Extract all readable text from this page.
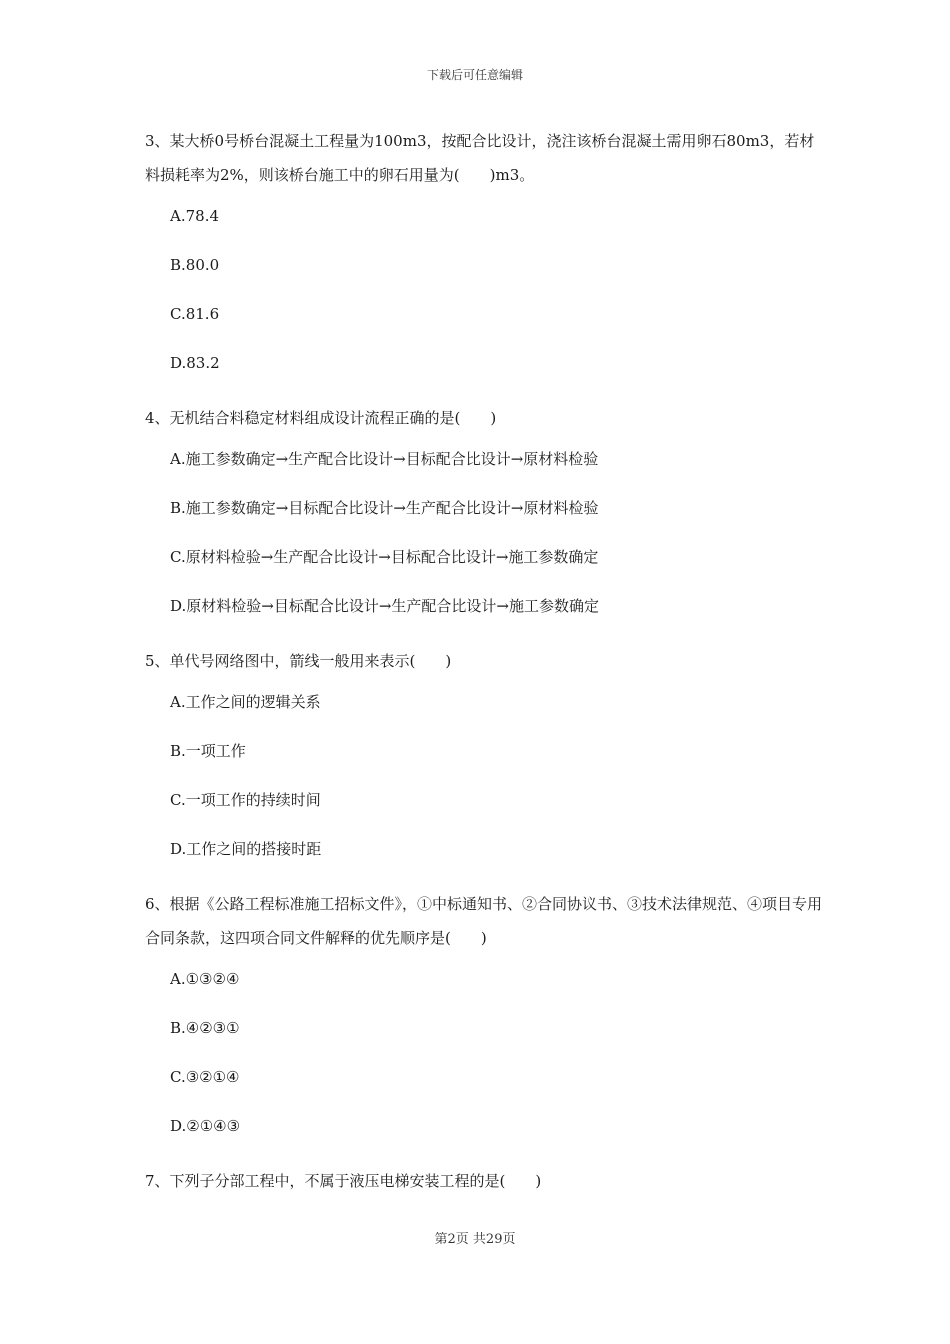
下载后可任意编辑
3、某大桥0号桥台混凝土工程量为100m3，按配合比设计，浇注该桥台混凝土需用卵石80m3，若材料损耗率为2%，则该桥台施工中的卵石用量为(　　)m3。
A.78.4
B.80.0
C.81.6
D.83.2
4、无机结合料稳定材料组成设计流程正确的是(　　)
A.施工参数确定→生产配合比设计→目标配合比设计→原材料检验
B.施工参数确定→目标配合比设计→生产配合比设计→原材料检验
C.原材料检验→生产配合比设计→目标配合比设计→施工参数确定
D.原材料检验→目标配合比设计→生产配合比设计→施工参数确定
5、单代号网络图中，箭线一般用来表示(　　)
A.工作之间的逻辑关系
B.一项工作
C.一项工作的持续时间
D.工作之间的搭接时距
6、根据《公路工程标准施工招标文件》，①中标通知书、②合同协议书、③技术法律规范、④项目专用合同条款，这四项合同文件解释的优先顺序是(　　)
A.①③②④
B.④②③①
C.③②①④
D.②①④③
7、下列子分部工程中，不属于液压电梯安装工程的是(　　)
第2页 共29页
